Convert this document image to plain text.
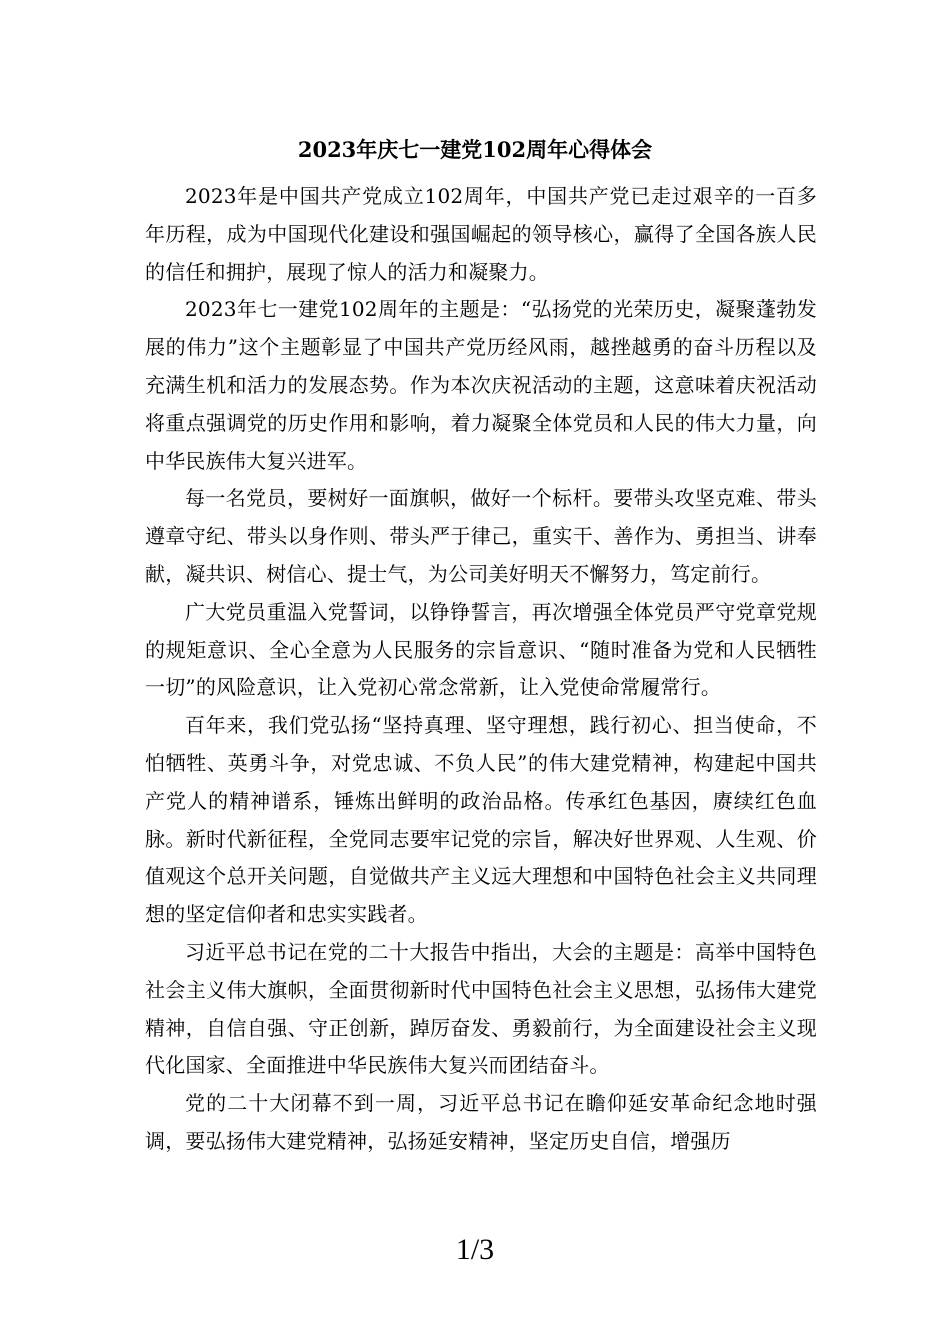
2023年庆七一建党102周年心得体会

2023年是中国共产党成立102周年，中国共产党已走过艰辛的一百多年历程，成为中国现代化建设和强国崛起的领导核心，赢得了全国各族人民的信任和拥护，展现了惊人的活力和凝聚力。

2023年七一建党102周年的主题是：“弘扬党的光荣历史，凝聚蓬勃发展的伟力”这个主题彰显了中国共产党历经风雨，越挫越勇的奋斗历程以及充满生机和活力的发展态势。作为本次庆祝活动的主题，这意味着庆祝活动将重点强调党的历史作用和影响，着力凝聚全体党员和人民的伟大力量，向中华民族伟大复兴进军。

每一名党员，要树好一面旗帜，做好一个标杆。要带头攻坚克难、带头遵章守纪、带头以身作则、带头严于律己，重实干、善作为、勇担当、讲奉献，凝共识、树信心、提士气，为公司美好明天不懈努力，笃定前行。

广大党员重温入党誓词，以铮铮誓言，再次增强全体党员严守党章党规的规矩意识、全心全意为人民服务的宗旨意识、“随时准备为党和人民牺牲一切”的风险意识，让入党初心常念常新，让入党使命常履常行。

百年来，我们党弘扬“坚持真理、坚守理想，践行初心、担当使命，不怕牺牲、英勇斗争，对党忠诚、不负人民”的伟大建党精神，构建起中国共产党人的精神谱系，锤炼出鲜明的政治品格。传承红色基因，赓续红色血脉。新时代新征程，全党同志要牢记党的宗旨，解决好世界观、人生观、价值观这个总开关问题，自觉做共产主义远大理想和中国特色社会主义共同理想的坚定信仰者和忠实实践者。

习近平总书记在党的二十大报告中指出，大会的主题是：高举中国特色社会主义伟大旗帜，全面贯彻新时代中国特色社会主义思想，弘扬伟大建党精神，自信自强、守正创新，踔厉奋发、勇毅前行，为全面建设社会主义现代化国家、全面推进中华民族伟大复兴而团结奋斗。

党的二十大闭幕不到一周，习近平总书记在瞻仰延安革命纪念地时强调，要弘扬伟大建党精神，弘扬延安精神，坚定历史自信，增强历

1/3
